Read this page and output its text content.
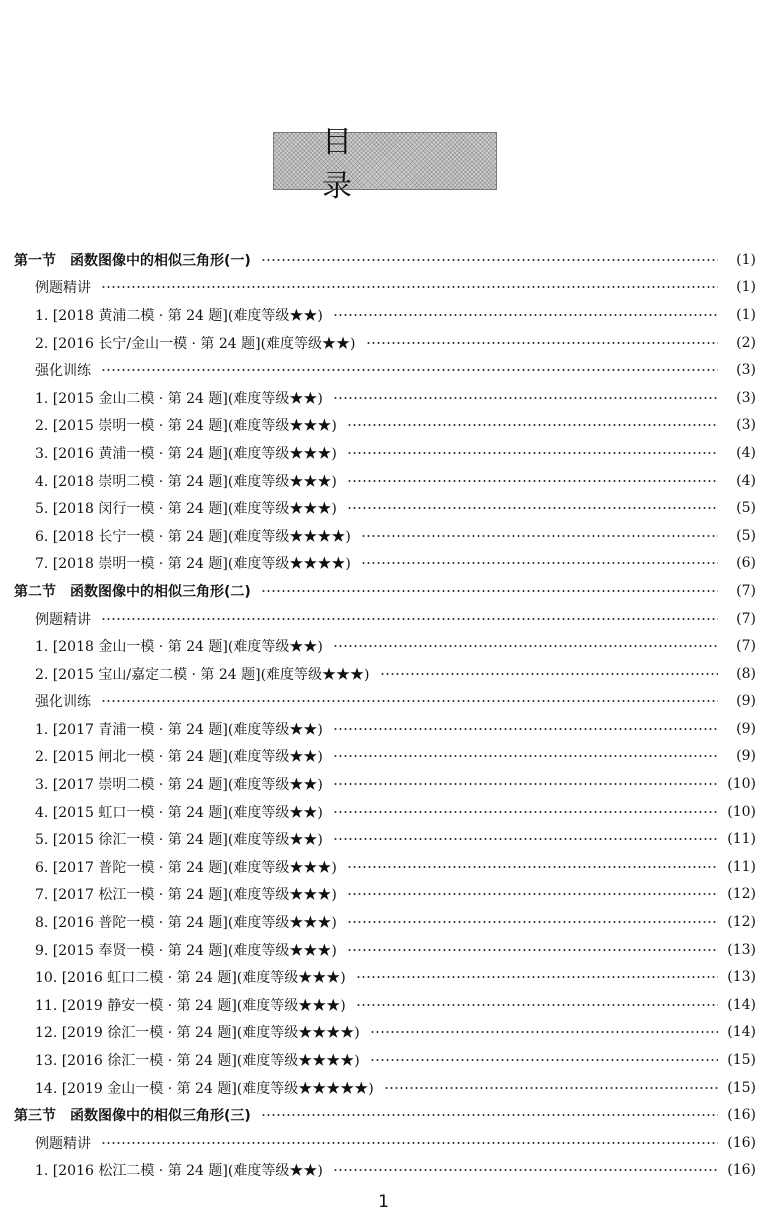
目 录
第一节　函数图像中的相似三角形(一)	(1)
例题精讲	(1)
1. [2018 黄浦二模 · 第 24 题](难度等级★★)	(1)
2. [2016 长宁/金山一模 · 第 24 题](难度等级★★)	(2)
强化训练	(3)
1. [2015 金山二模 · 第 24 题](难度等级★★)	(3)
2. [2015 崇明一模 · 第 24 题](难度等级★★★)	(3)
3. [2016 黄浦一模 · 第 24 题](难度等级★★★)	(4)
4. [2018 崇明二模 · 第 24 题](难度等级★★★)	(4)
5. [2018 闵行一模 · 第 24 题](难度等级★★★)	(5)
6. [2018 长宁一模 · 第 24 题](难度等级★★★★)	(5)
7. [2018 崇明一模 · 第 24 题](难度等级★★★★)	(6)
第二节　函数图像中的相似三角形(二)	(7)
例题精讲	(7)
1. [2018 金山一模 · 第 24 题](难度等级★★)	(7)
2. [2015 宝山/嘉定二模 · 第 24 题](难度等级★★★)	(8)
强化训练	(9)
1. [2017 青浦一模 · 第 24 题](难度等级★★)	(9)
2. [2015 闸北一模 · 第 24 题](难度等级★★)	(9)
3. [2017 崇明二模 · 第 24 题](难度等级★★)	(10)
4. [2015 虹口一模 · 第 24 题](难度等级★★)	(10)
5. [2015 徐汇一模 · 第 24 题](难度等级★★)	(11)
6. [2017 普陀一模 · 第 24 题](难度等级★★★)	(11)
7. [2017 松江一模 · 第 24 题](难度等级★★★)	(12)
8. [2016 普陀一模 · 第 24 题](难度等级★★★)	(12)
9. [2015 奉贤一模 · 第 24 题](难度等级★★★)	(13)
10. [2016 虹口二模 · 第 24 题](难度等级★★★)	(13)
11. [2019 静安一模 · 第 24 题](难度等级★★★)	(14)
12. [2019 徐汇一模 · 第 24 题](难度等级★★★★)	(14)
13. [2016 徐汇一模 · 第 24 题](难度等级★★★★)	(15)
14. [2019 金山一模 · 第 24 题](难度等级★★★★★)	(15)
第三节　函数图像中的相似三角形(三)	(16)
例题精讲	(16)
1. [2016 松江二模 · 第 24 题](难度等级★★)	(16)
1
